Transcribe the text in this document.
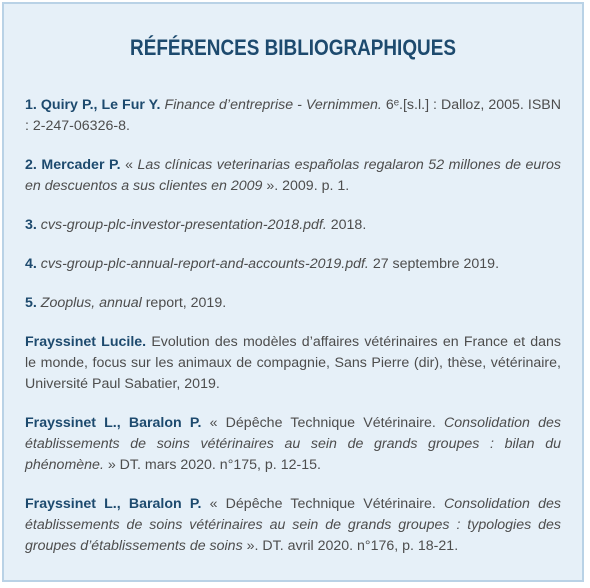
RÉFÉRENCES BIBLIOGRAPHIQUES
1. Quiry P., Le Fur Y. Finance d’entreprise - Vernimmen. 6ᵉ.[s.l.] : Dalloz, 2005. ISBN : 2-247-06326-8.
2. Mercader P. « Las clínicas veterinarias españolas regalaron 52 millones de euros en descuentos a sus clientes en 2009 ». 2009. p. 1.
3. cvs-group-plc-investor-presentation-2018.pdf. 2018.
4. cvs-group-plc-annual-report-and-accounts-2019.pdf. 27 septembre 2019.
5. Zooplus, annual report, 2019.
Frayssinet Lucile. Evolution des modèles d’affaires vétérinaires en France et dans le monde, focus sur les animaux de compagnie, Sans Pierre (dir), thèse, vétérinaire, Université Paul Sabatier, 2019.
Frayssinet L., Baralon P. « Dépêche Technique Vétérinaire. Consolidation des établissements de soins vétérinaires au sein de grands groupes : bilan du phénomène. » DT. mars 2020. n°175, p. 12-15.
Frayssinet L., Baralon P. « Dépêche Technique Vétérinaire. Consolidation des établissements de soins vétérinaires au sein de grands groupes : typologies des groupes d’établissements de soins ». DT. avril 2020. n°176, p. 18-21.
